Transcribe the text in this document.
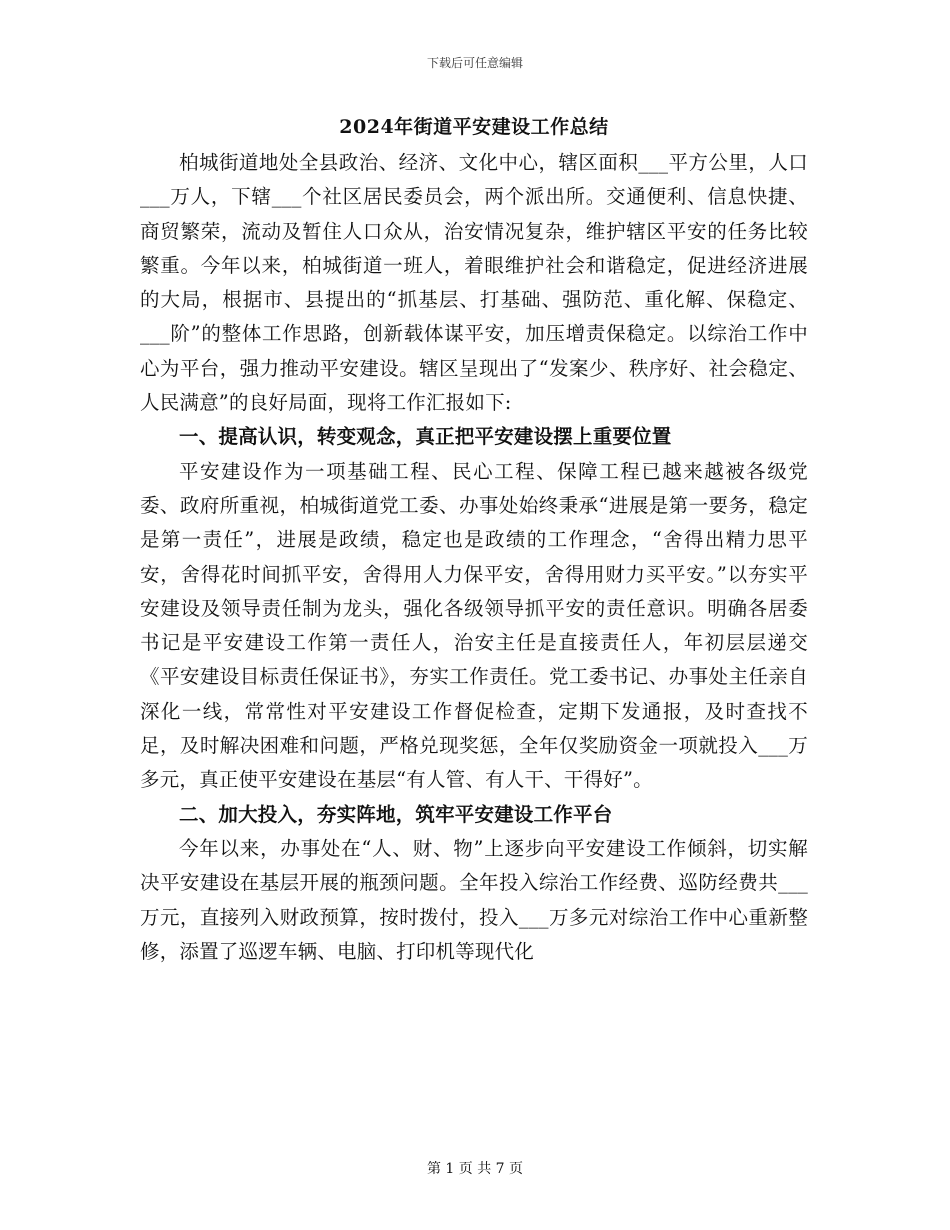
下载后可任意编辑
2024年街道平安建设工作总结

柏城街道地处全县政治、经济、文化中心，辖区面积___平方公里，人口___万人，下辖___个社区居民委员会，两个派出所。交通便利、信息快捷、商贸繁荣，流动及暂住人口众从，治安情况复杂，维护辖区平安的任务比较繁重。今年以来，柏城街道一班人，着眼维护社会和谐稳定，促进经济进展的大局，根据市、县提出的“抓基层、打基础、强防范、重化解、保稳定、___阶”的整体工作思路，创新载体谋平安，加压增责保稳定。以综治工作中心为平台，强力推动平安建设。辖区呈现出了“发案少、秩序好、社会稳定、人民满意”的良好局面，现将工作汇报如下:

一、提高认识，转变观念，真正把平安建设摆上重要位置

平安建设作为一项基础工程、民心工程、保障工程已越来越被各级党委、政府所重视，柏城街道党工委、办事处始终秉承“进展是第一要务，稳定是第一责任”，进展是政绩，稳定也是政绩的工作理念，“舍得出精力思平安，舍得花时间抓平安，舍得用人力保平安，舍得用财力买平安。”以夯实平安建设及领导责任制为龙头，强化各级领导抓平安的责任意识。明确各居委书记是平安建设工作第一责任人，治安主任是直接责任人，年初层层递交《平安建设目标责任保证书》，夯实工作责任。党工委书记、办事处主任亲自深化一线，常常性对平安建设工作督促检查，定期下发通报，及时查找不足，及时解决困难和问题，严格兑现奖惩，全年仅奖励资金一项就投入___万多元，真正使平安建设在基层“有人管、有人干、干得好”。

二、加大投入，夯实阵地，筑牢平安建设工作平台

今年以来，办事处在“人、财、物”上逐步向平安建设工作倾斜，切实解决平安建设在基层开展的瓶颈问题。全年投入综治工作经费、巡防经费共___万元，直接列入财政预算，按时拨付，投入___万多元对综治工作中心重新整修，添置了巡逻车辆、电脑、打印机等现代化

第 1 页 共 7 页
